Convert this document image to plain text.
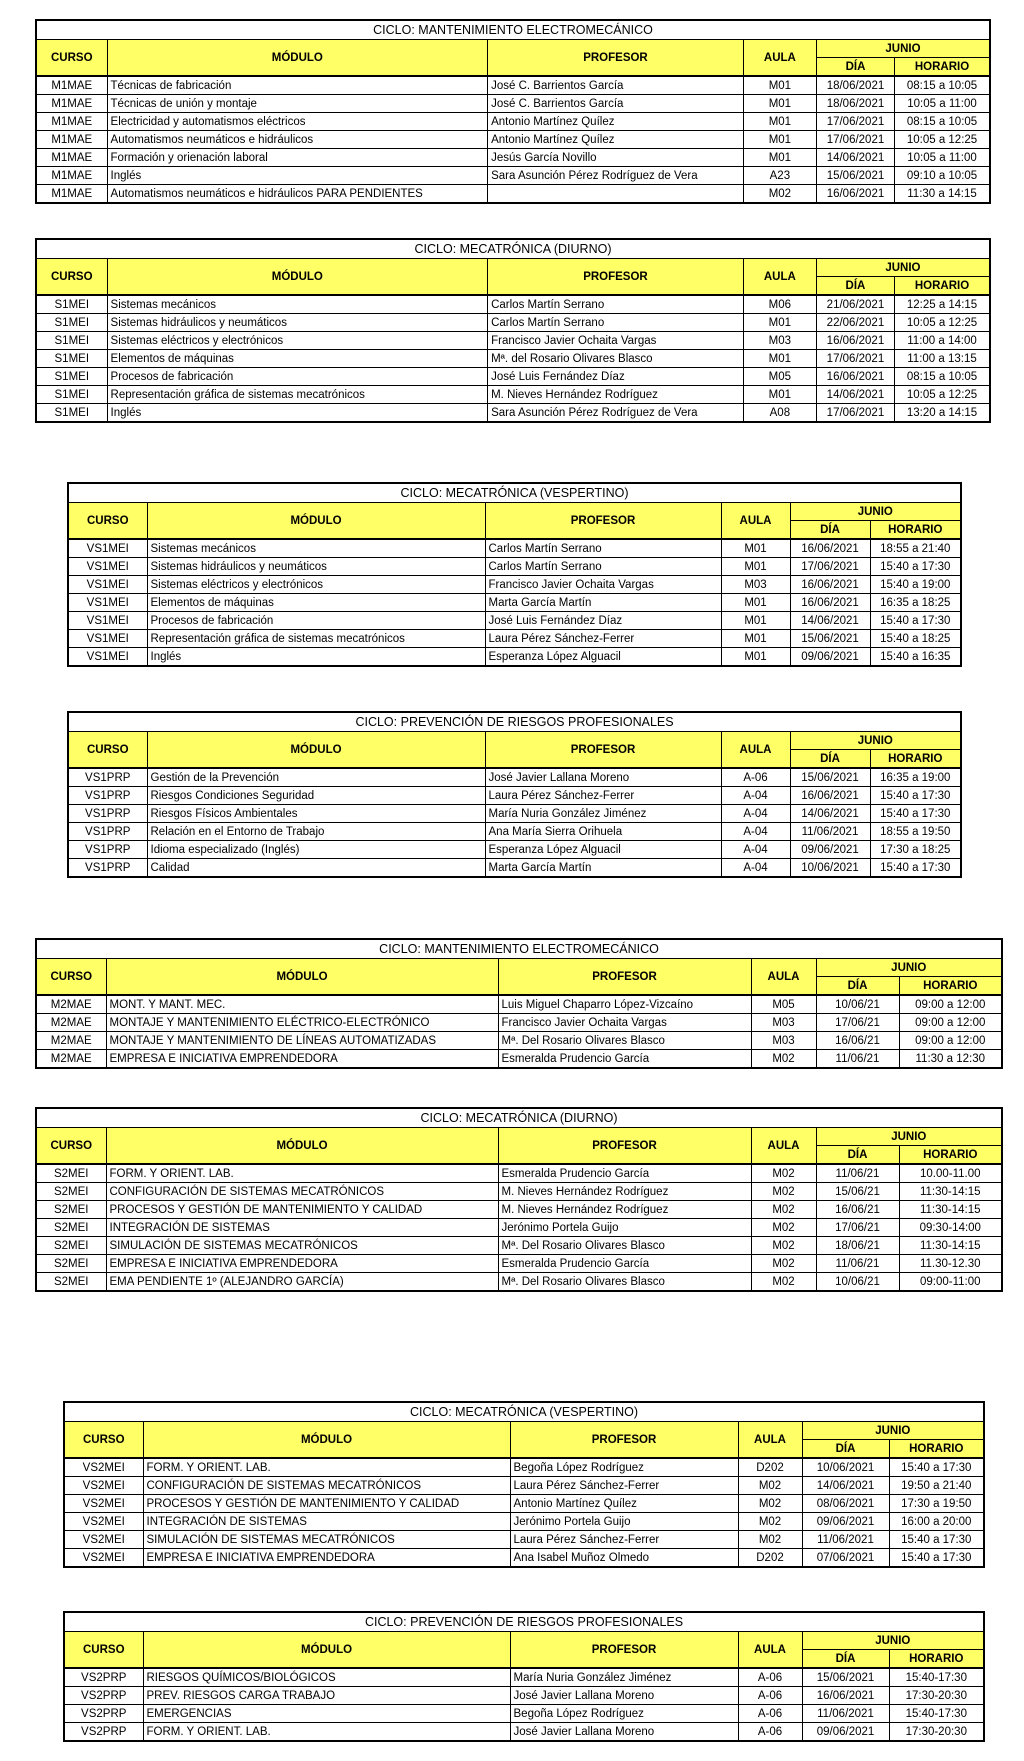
CICLO: MANTENIMIENTO ELECTROMECÁNICO					
CURSO	MÓDULO	PROFESOR	AULA	JUNIO	
				DÍA	HORARIO
M1MAE	Técnicas de fabricación	José C. Barrientos García	M01	18/06/2021	08:15 a 10:05
M1MAE	Técnicas de unión y montaje	José C. Barrientos García	M01	18/06/2021	10:05 a 11:00
M1MAE	Electricidad y automatismos eléctricos	Antonio Martínez Quílez	M01	17/06/2021	08:15 a 10:05
M1MAE	Automatismos neumáticos e hidráulicos	Antonio Martínez Quílez	M01	17/06/2021	10:05 a 12:25
M1MAE	Formación y orienación laboral	Jesús García Novillo	M01	14/06/2021	10:05 a 11:00
M1MAE	Inglés	Sara Asunción Pérez Rodríguez de Vera	A23	15/06/2021	09:10 a 10:05
M1MAE	Automatismos neumáticos e hidráulicos PARA PENDIENTES		M02	16/06/2021	11:30 a 14:15
CICLO: MECATRÓNICA (DIURNO)					
CURSO	MÓDULO	PROFESOR	AULA	JUNIO	
				DÍA	HORARIO
S1MEI	Sistemas mecánicos	Carlos Martín Serrano	M06	21/06/2021	12:25 a 14:15
S1MEI	Sistemas hidráulicos y neumáticos	Carlos Martín Serrano	M01	22/06/2021	10:05 a 12:25
S1MEI	Sistemas eléctricos y electrónicos	Francisco Javier Ochaita Vargas	M03	16/06/2021	11:00 a 14:00
S1MEI	Elementos de máquinas	Mª. del Rosario Olivares Blasco	M01	17/06/2021	11:00 a 13:15
S1MEI	Procesos de fabricación	José Luis Fernández Díaz	M05	16/06/2021	08:15 a 10:05
S1MEI	Representación gráfica de sistemas mecatrónicos	M. Nieves Hernández Rodríguez	M01	14/06/2021	10:05 a 12:25
S1MEI	Inglés	Sara Asunción Pérez Rodríguez de Vera	A08	17/06/2021	13:20 a 14:15
CICLO: MECATRÓNICA (VESPERTINO)					
CURSO	MÓDULO	PROFESOR	AULA	JUNIO	
				DÍA	HORARIO
VS1MEI	Sistemas mecánicos	Carlos Martín Serrano	M01	16/06/2021	18:55 a 21:40
VS1MEI	Sistemas hidráulicos y neumáticos	Carlos Martín Serrano	M01	17/06/2021	15:40 a 17:30
VS1MEI	Sistemas eléctricos y electrónicos	Francisco Javier Ochaita Vargas	M03	16/06/2021	15:40 a 19:00
VS1MEI	Elementos de máquinas	Marta García Martín	M01	16/06/2021	16:35 a 18:25
VS1MEI	Procesos de fabricación	José Luis Fernández Díaz	M01	14/06/2021	15:40 a 17:30
VS1MEI	Representación gráfica de sistemas mecatrónicos	Laura Pérez Sánchez-Ferrer	M01	15/06/2021	15:40 a 18:25
VS1MEI	Inglés	Esperanza López Alguacil	M01	09/06/2021	15:40 a 16:35
CICLO: PREVENCIÓN DE RIESGOS PROFESIONALES					
CURSO	MÓDULO	PROFESOR	AULA	JUNIO	
				DÍA	HORARIO
VS1PRP	Gestión de la Prevención	José Javier Lallana Moreno	A-06	15/06/2021	16:35 a 19:00
VS1PRP	Riesgos Condiciones Seguridad	Laura Pérez Sánchez-Ferrer	A-04	16/06/2021	15:40 a 17:30
VS1PRP	Riesgos Físicos Ambientales	María Nuria González Jiménez	A-04	14/06/2021	15:40 a 17:30
VS1PRP	Relación en el Entorno de Trabajo	Ana María Sierra Orihuela	A-04	11/06/2021	18:55 a 19:50
VS1PRP	Idioma especializado (Inglés)	Esperanza López Alguacil	A-04	09/06/2021	17:30 a 18:25
VS1PRP	Calidad	Marta García Martín	A-04	10/06/2021	15:40 a 17:30
CICLO: MANTENIMIENTO ELECTROMECÁNICO					
CURSO	MÓDULO	PROFESOR	AULA	JUNIO	
				DÍA	HORARIO
M2MAE	MONT. Y MANT. MEC.	Luis Miguel Chaparro López-Vizcaíno	M05	10/06/21	09:00 a 12:00
M2MAE	MONTAJE Y MANTENIMIENTO ELÉCTRICO-ELECTRÓNICO	Francisco Javier Ochaita Vargas	M03	17/06/21	09:00 a 12:00
M2MAE	MONTAJE Y MANTENIMIENTO DE LÍNEAS AUTOMATIZADAS	Mª. Del Rosario Olivares Blasco	M03	16/06/21	09:00 a 12:00
M2MAE	EMPRESA E INICIATIVA EMPRENDEDORA	Esmeralda Prudencio García	M02	11/06/21	11:30 a 12:30
CICLO: MECATRÓNICA (DIURNO)					
CURSO	MÓDULO	PROFESOR	AULA	JUNIO	
				DÍA	HORARIO
S2MEI	FORM. Y ORIENT. LAB.	Esmeralda Prudencio García	M02	11/06/21	10.00-11.00
S2MEI	CONFIGURACIÓN DE SISTEMAS MECATRÓNICOS	M. Nieves Hernández Rodríguez	M02	15/06/21	11:30-14:15
S2MEI	PROCESOS Y GESTIÓN DE MANTENIMIENTO Y CALIDAD	M. Nieves Hernández Rodríguez	M02	16/06/21	11:30-14:15
S2MEI	INTEGRACIÓN DE SISTEMAS	Jerónimo Portela Guijo	M02	17/06/21	09:30-14:00
S2MEI	SIMULACIÓN DE SISTEMAS MECATRÓNICOS	Mª. Del Rosario Olivares Blasco	M02	18/06/21	11:30-14:15
S2MEI	EMPRESA E INICIATIVA EMPRENDEDORA	Esmeralda Prudencio García	M02	11/06/21	11.30-12.30
S2MEI	EMA PENDIENTE 1º (ALEJANDRO GARCÍA)	Mª. Del Rosario Olivares Blasco	M02	10/06/21	09:00-11:00
CICLO: MECATRÓNICA (VESPERTINO)					
CURSO	MÓDULO	PROFESOR	AULA	JUNIO	
				DÍA	HORARIO
VS2MEI	FORM. Y ORIENT. LAB.	Begoña López Rodríguez	D202	10/06/2021	15:40 a 17:30
VS2MEI	CONFIGURACIÓN DE SISTEMAS MECATRÓNICOS	Laura Pérez Sánchez-Ferrer	M02	14/06/2021	19:50 a 21:40
VS2MEI	PROCESOS Y GESTIÓN DE MANTENIMIENTO Y CALIDAD	Antonio Martínez Quílez	M02	08/06/2021	17:30 a 19:50
VS2MEI	INTEGRACIÓN DE SISTEMAS	Jerónimo Portela Guijo	M02	09/06/2021	16:00 a 20:00
VS2MEI	SIMULACIÓN DE SISTEMAS MECATRÓNICOS	Laura Pérez Sánchez-Ferrer	M02	11/06/2021	15:40 a 17:30
VS2MEI	EMPRESA E INICIATIVA EMPRENDEDORA	Ana Isabel Muñoz Olmedo	D202	07/06/2021	15:40 a 17:30
CICLO: PREVENCIÓN DE RIESGOS PROFESIONALES					
CURSO	MÓDULO	PROFESOR	AULA	JUNIO	
				DÍA	HORARIO
VS2PRP	RIESGOS QUÍMICOS/BIOLÓGICOS	María Nuria González Jiménez	A-06	15/06/2021	15:40-17:30
VS2PRP	PREV. RIESGOS CARGA TRABAJO	José Javier Lallana Moreno	A-06	16/06/2021	17:30-20:30
VS2PRP	EMERGENCIAS	Begoña López Rodríguez	A-06	11/06/2021	15:40-17:30
VS2PRP	FORM. Y ORIENT. LAB.	José Javier Lallana Moreno	A-06	09/06/2021	17:30-20:30
